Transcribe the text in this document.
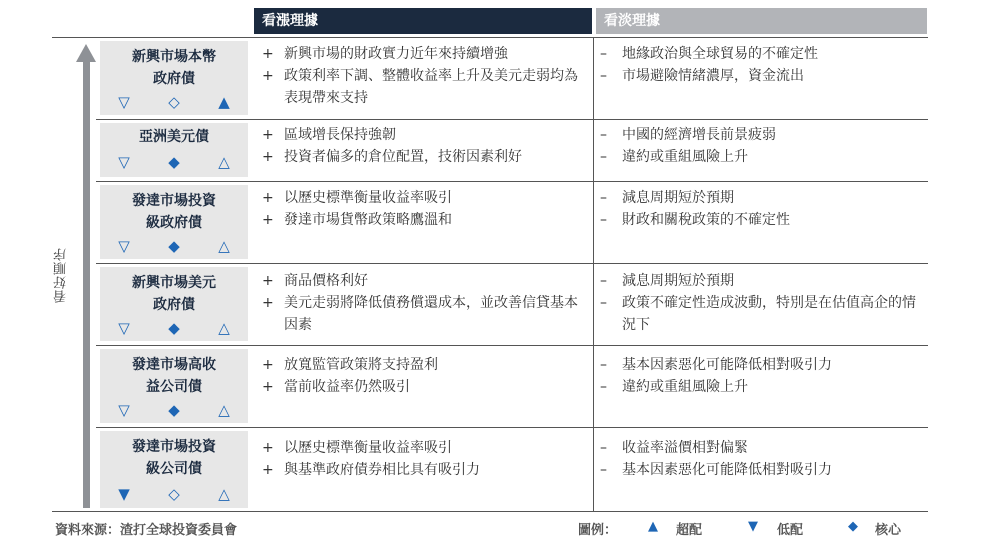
看漲理據	看淡理據
看好順序
新興市場本幣
政府債
▽	◇	▲
+ 新興市場的財政實力近年來持續增強
+ 政策利率下調、整體收益率上升及美元走弱均為表現帶來支持
– 地緣政治與全球貿易的不確定性
– 市場避險情緒濃厚，資金流出
亞洲美元債
▽	◆	△
+ 區域增長保持強韌
+ 投資者偏多的倉位配置，技術因素利好
– 中國的經濟增長前景疲弱
– 違約或重組風險上升
發達市場投資
級政府債
▽	◆	△
+ 以歷史標準衡量收益率吸引
+ 發達市場貨幣政策略鷹溫和
– 減息周期短於預期
– 財政和關稅政策的不確定性
新興市場美元
政府債
▽	◆	△
+ 商品價格利好
+ 美元走弱將降低債務償還成本，並改善信貸基本因素
– 減息周期短於預期
– 政策不確定性造成波動，特別是在估值高企的情況下
發達市場高收
益公司債
▽	◆	△
+ 放寬監管政策將支持盈利
+ 當前收益率仍然吸引
– 基本因素惡化可能降低相對吸引力
– 違約或重組風險上升
發達市場投資
級公司債
▼	◇	△
+ 以歷史標準衡量收益率吸引
+ 與基準政府債券相比具有吸引力
– 收益率溢價相對偏緊
– 基本因素惡化可能降低相對吸引力
資料來源：渣打全球投資委員會	圖例： ▲ 超配	▼ 低配	◆ 核心
